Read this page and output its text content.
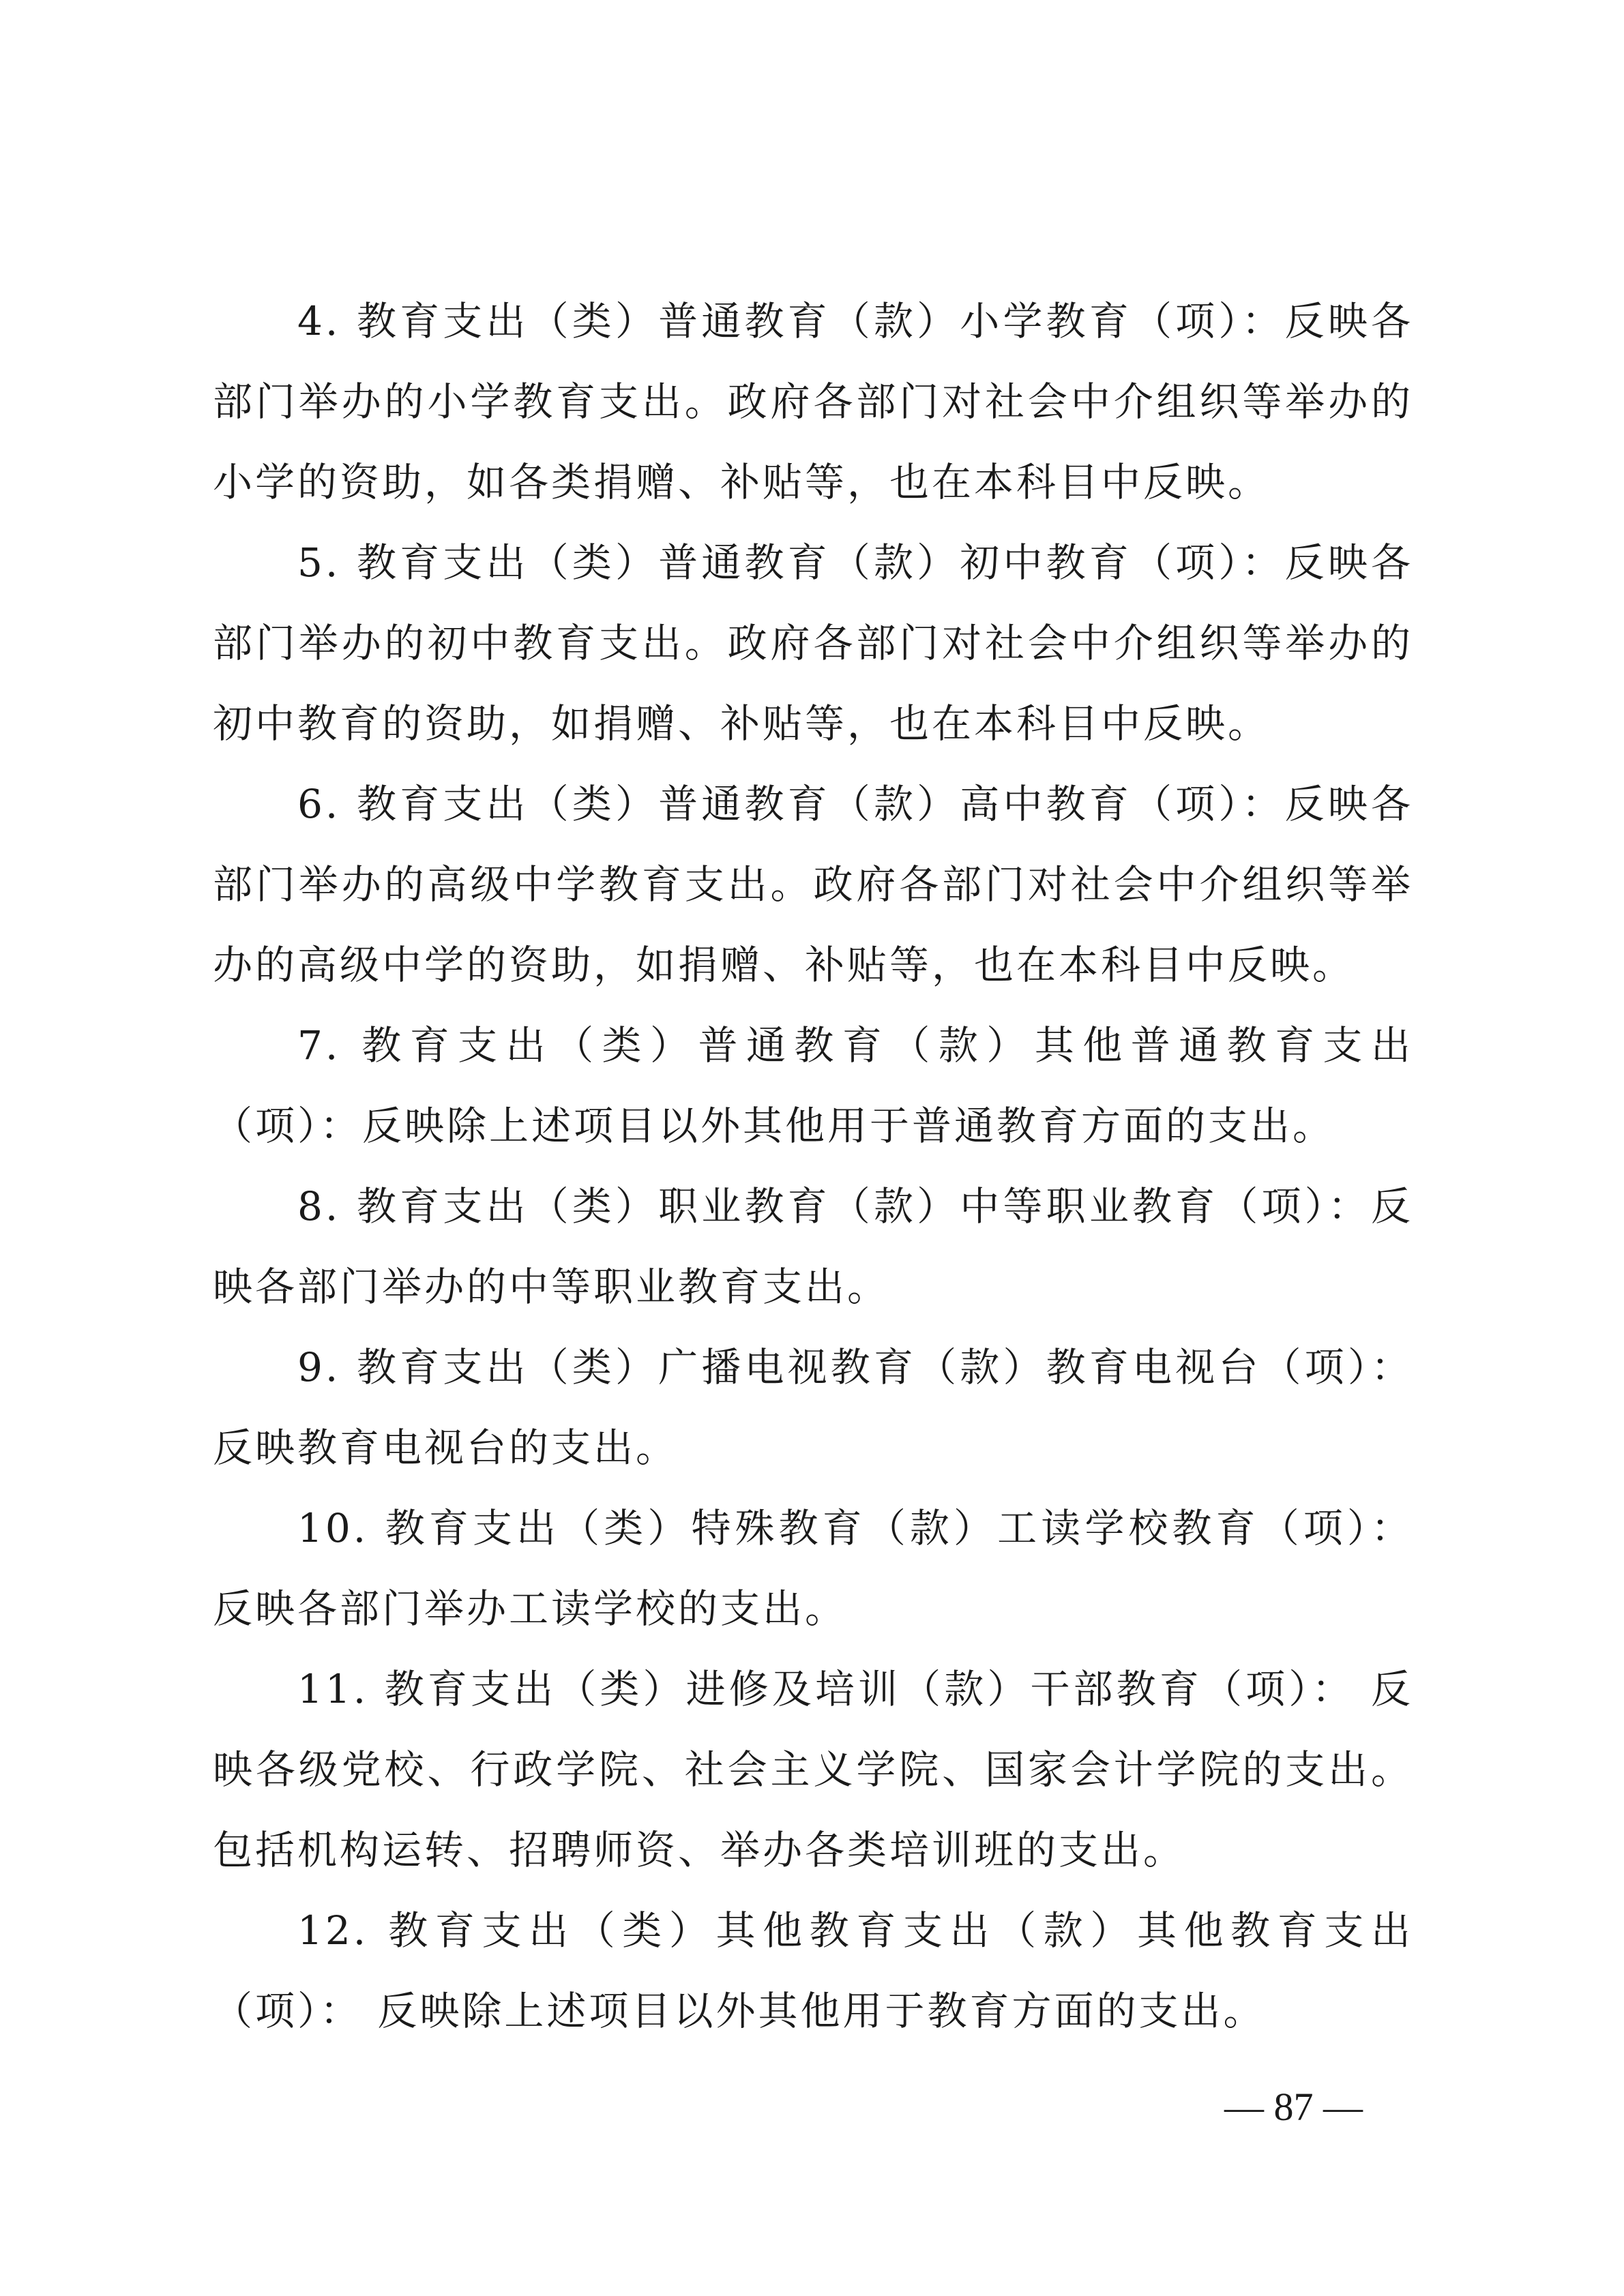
4. 教育支出（类）普通教育（款）小学教育（项）：反映各部门举办的小学教育支出。政府各部门对社会中介组织等举办的小学的资助，如各类捐赠、补贴等，也在本科目中反映。

5. 教育支出（类）普通教育（款）初中教育（项）：反映各部门举办的初中教育支出。政府各部门对社会中介组织等举办的初中教育的资助，如捐赠、补贴等，也在本科目中反映。

6. 教育支出（类）普通教育（款）高中教育（项）：反映各部门举办的高级中学教育支出。政府各部门对社会中介组织等举办的高级中学的资助，如捐赠、补贴等，也在本科目中反映。

7. 教育支出（类）普通教育（款）其他普通教育支出（项）：反映除上述项目以外其他用于普通教育方面的支出。

8. 教育支出（类）职业教育（款）中等职业教育（项）：反映各部门举办的中等职业教育支出。

9. 教育支出（类）广播电视教育（款）教育电视台（项）：反映教育电视台的支出。

10. 教育支出（类）特殊教育（款）工读学校教育（项）： 反映各部门举办工读学校的支出。

11. 教育支出（类）进修及培训（款）干部教育（项）： 反映各级党校、行政学院、社会主义学院、国家会计学院的支出。包括机构运转、招聘师资、举办各类培训班的支出。

12. 教育支出（类）其他教育支出（款）其他教育支出（项）： 反映除上述项目以外其他用于教育方面的支出。

— 87 —
